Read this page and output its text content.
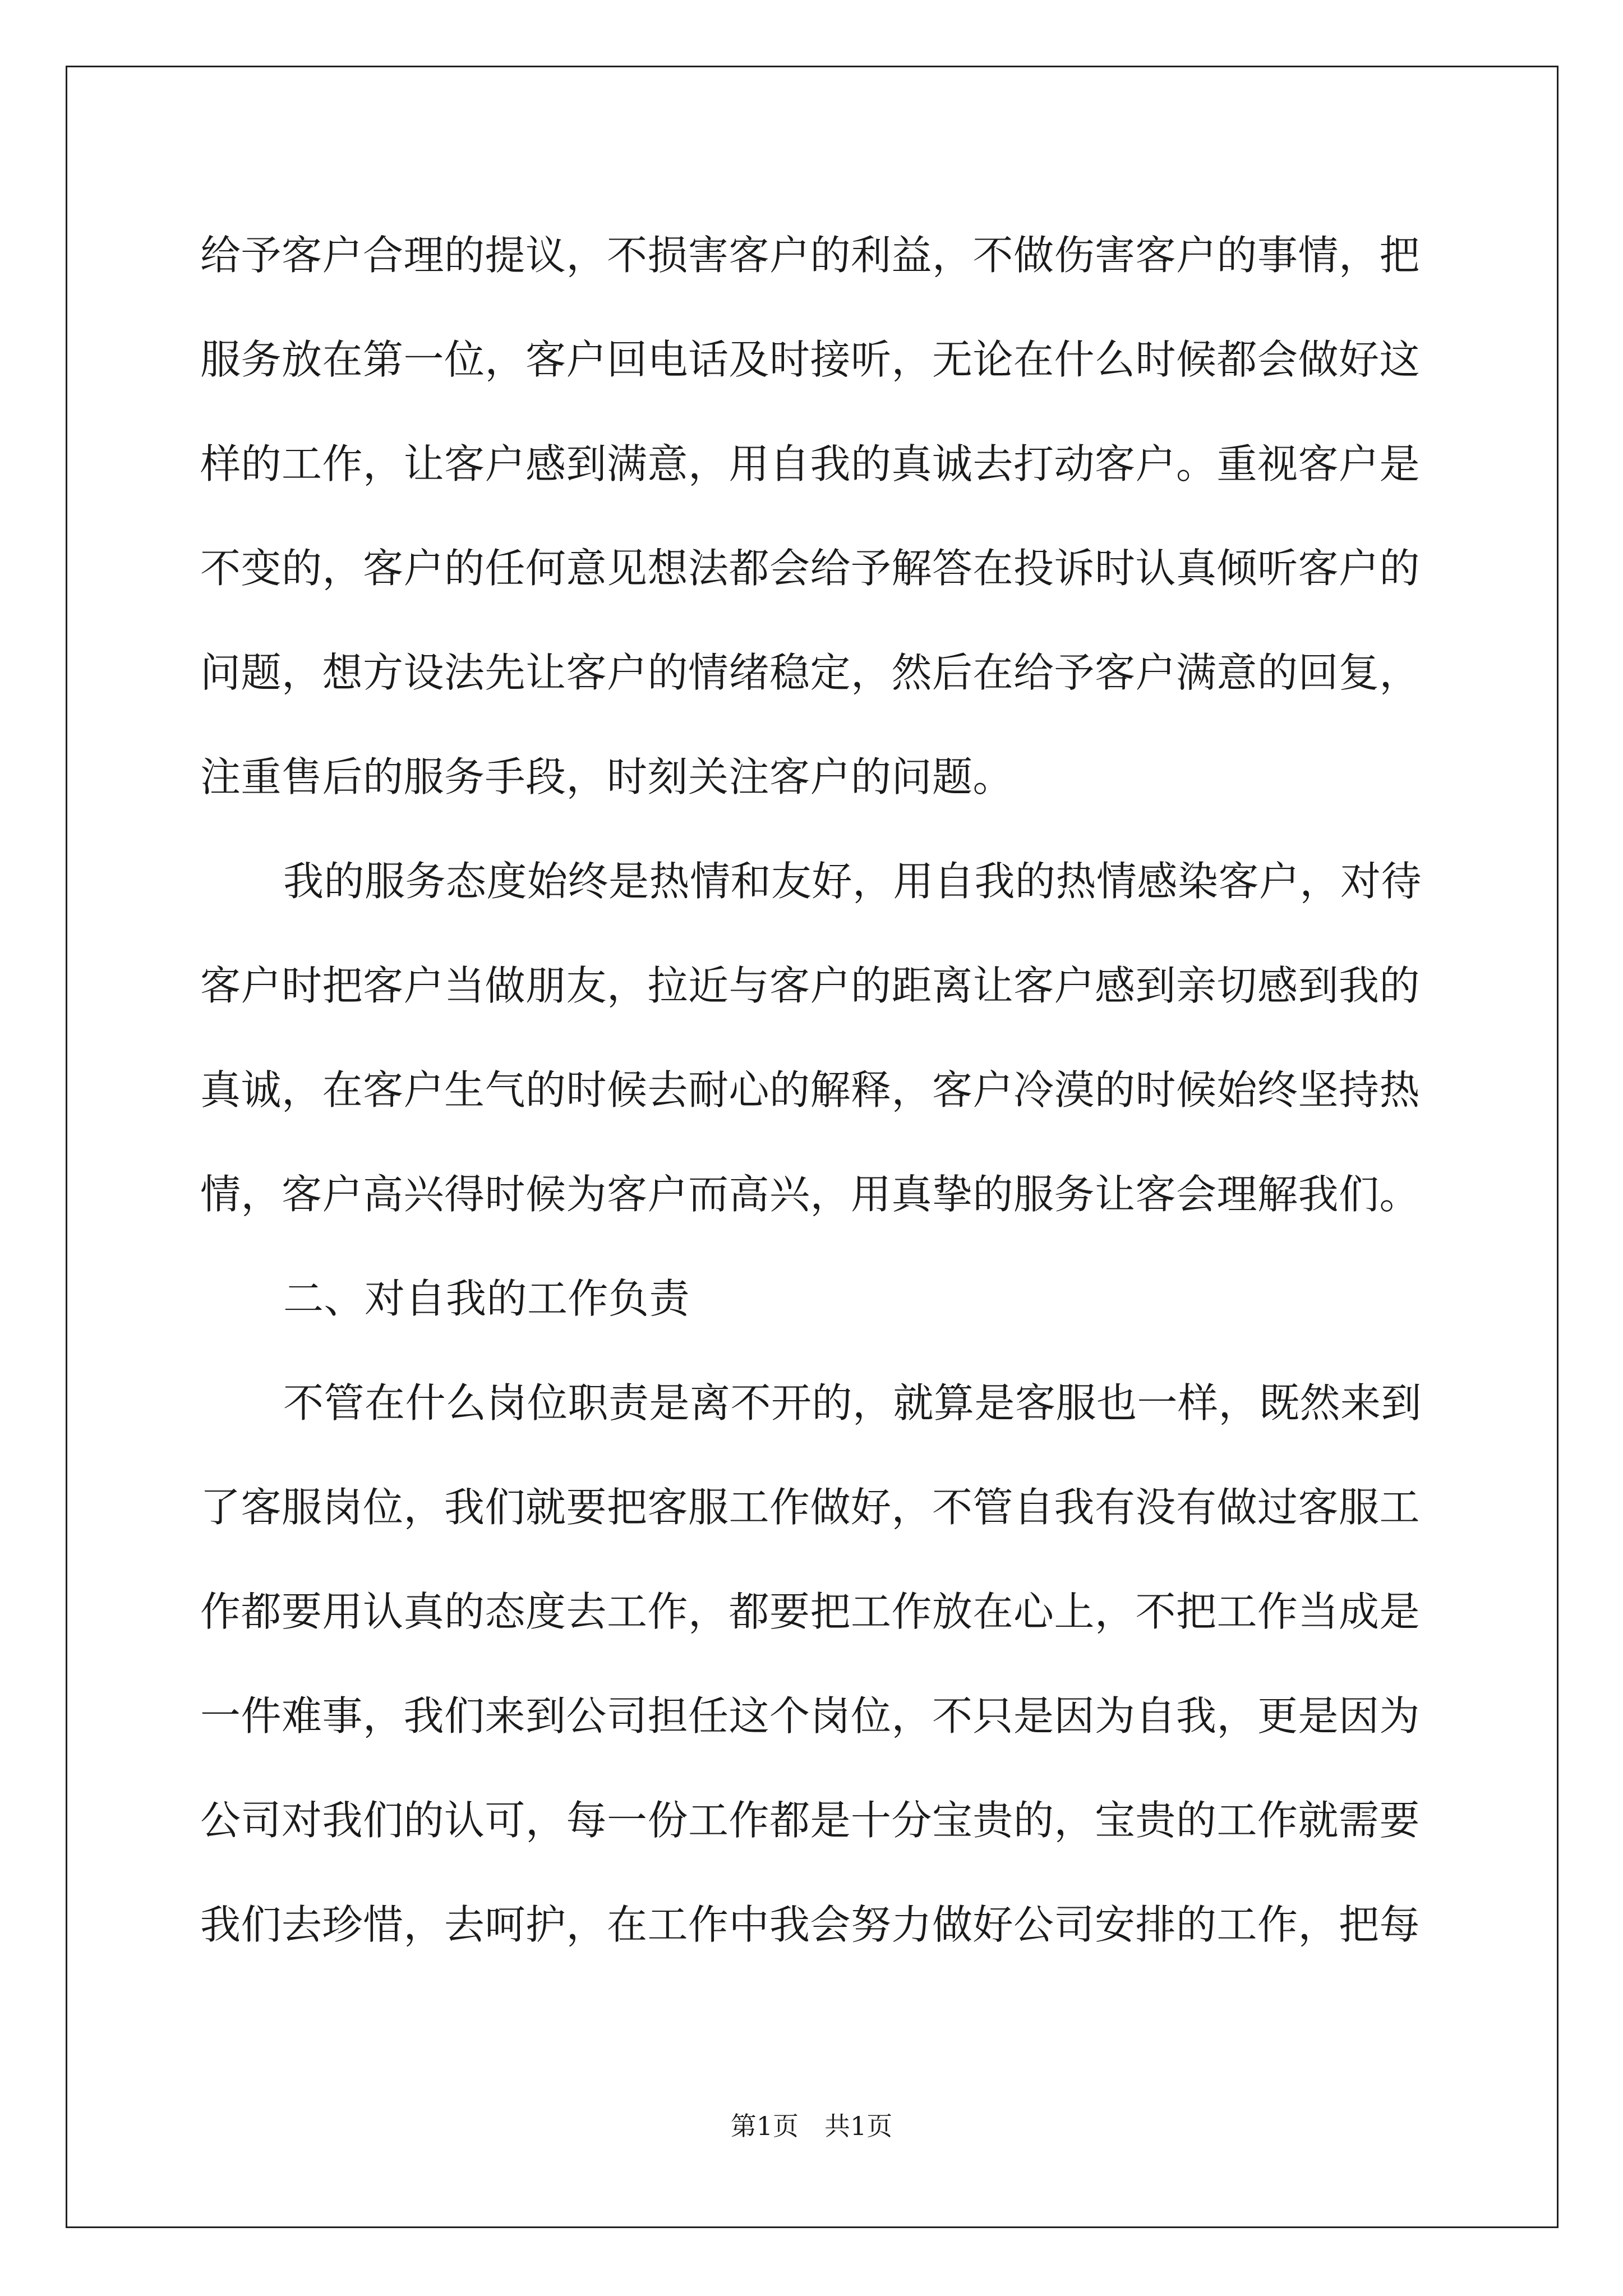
给予客户合理的提议，不损害客户的利益，不做伤害客户的事情，把

服务放在第一位，客户回电话及时接听，无论在什么时候都会做好这

样的工作，让客户感到满意，用自我的真诚去打动客户。重视客户是

不变的，客户的任何意见想法都会给予解答在投诉时认真倾听客户的

问题，想方设法先让客户的情绪稳定，然后在给予客户满意的回复，

注重售后的服务手段，时刻关注客户的问题。

我的服务态度始终是热情和友好，用自我的热情感染客户，对待

客户时把客户当做朋友，拉近与客户的距离让客户感到亲切感到我的

真诚，在客户生气的时候去耐心的解释，客户冷漠的时候始终坚持热

情，客户高兴得时候为客户而高兴，用真挚的服务让客会理解我们。

二、对自我的工作负责

不管在什么岗位职责是离不开的，就算是客服也一样，既然来到

了客服岗位，我们就要把客服工作做好，不管自我有没有做过客服工

作都要用认真的态度去工作，都要把工作放在心上，不把工作当成是

一件难事，我们来到公司担任这个岗位，不只是因为自我，更是因为

公司对我们的认可，每一份工作都是十分宝贵的，宝贵的工作就需要

我们去珍惜，去呵护，在工作中我会努力做好公司安排的工作，把每

第1页　共1页
